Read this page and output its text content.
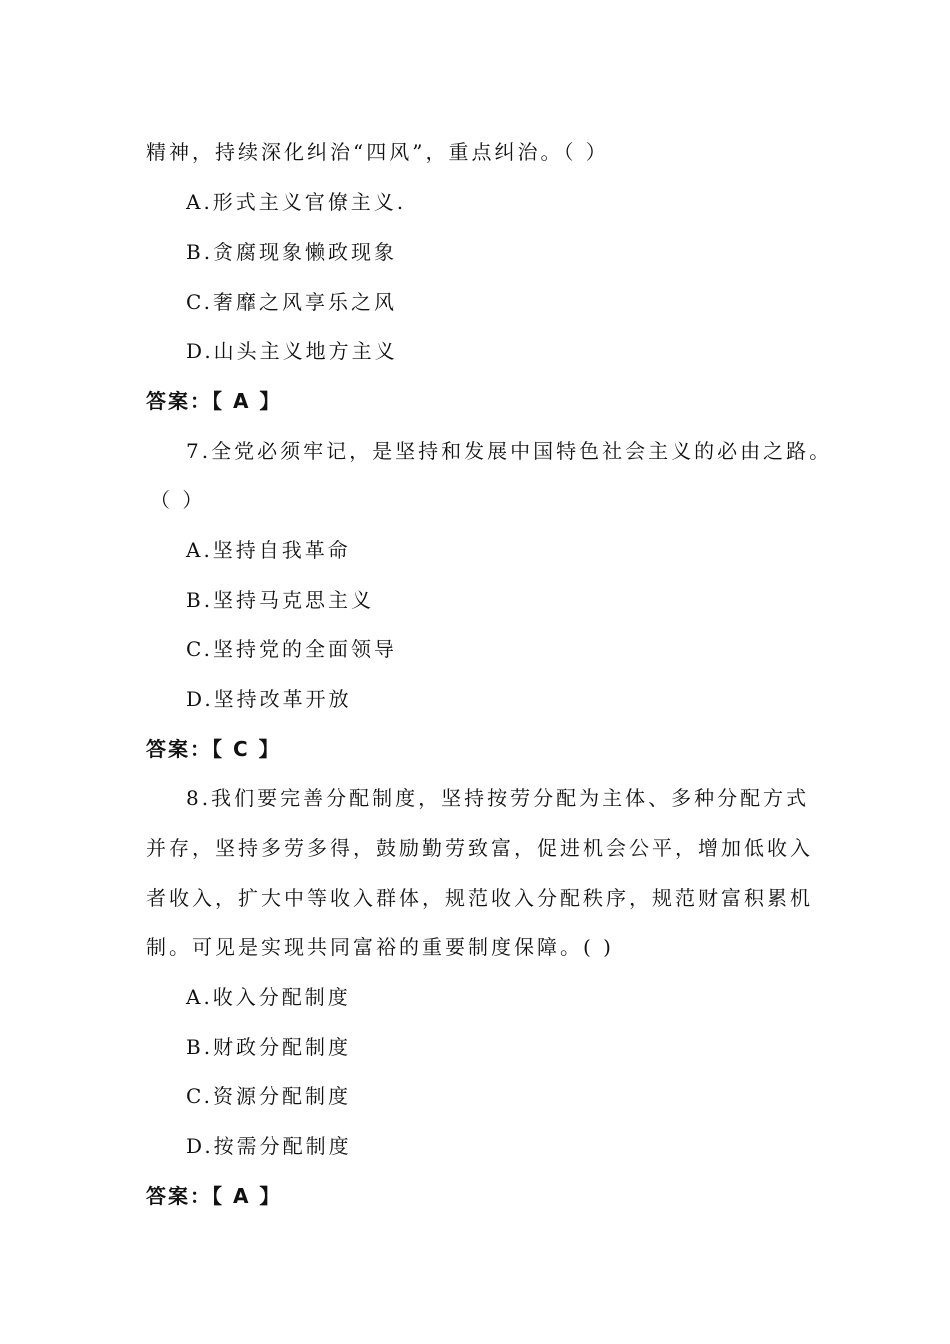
精神，持续深化纠治“四风”，重点纠治。（ ）
A.形式主义官僚主义.
B.贪腐现象懒政现象
C.奢靡之风享乐之风
D.山头主义地方主义
答案：【 A 】
7.全党必须牢记，是坚持和发展中国特色社会主义的必由之路。
（ ）
A.坚持自我革命
B.坚持马克思主义
C.坚持党的全面领导
D.坚持改革开放
答案：【 C 】
8.我们要完善分配制度，坚持按劳分配为主体、多种分配方式
并存，坚持多劳多得，鼓励勤劳致富，促进机会公平，增加低收入
者收入，扩大中等收入群体，规范收入分配秩序，规范财富积累机
制。可见是实现共同富裕的重要制度保障。( )
A.收入分配制度
B.财政分配制度
C.资源分配制度
D.按需分配制度
答案：【 A 】
